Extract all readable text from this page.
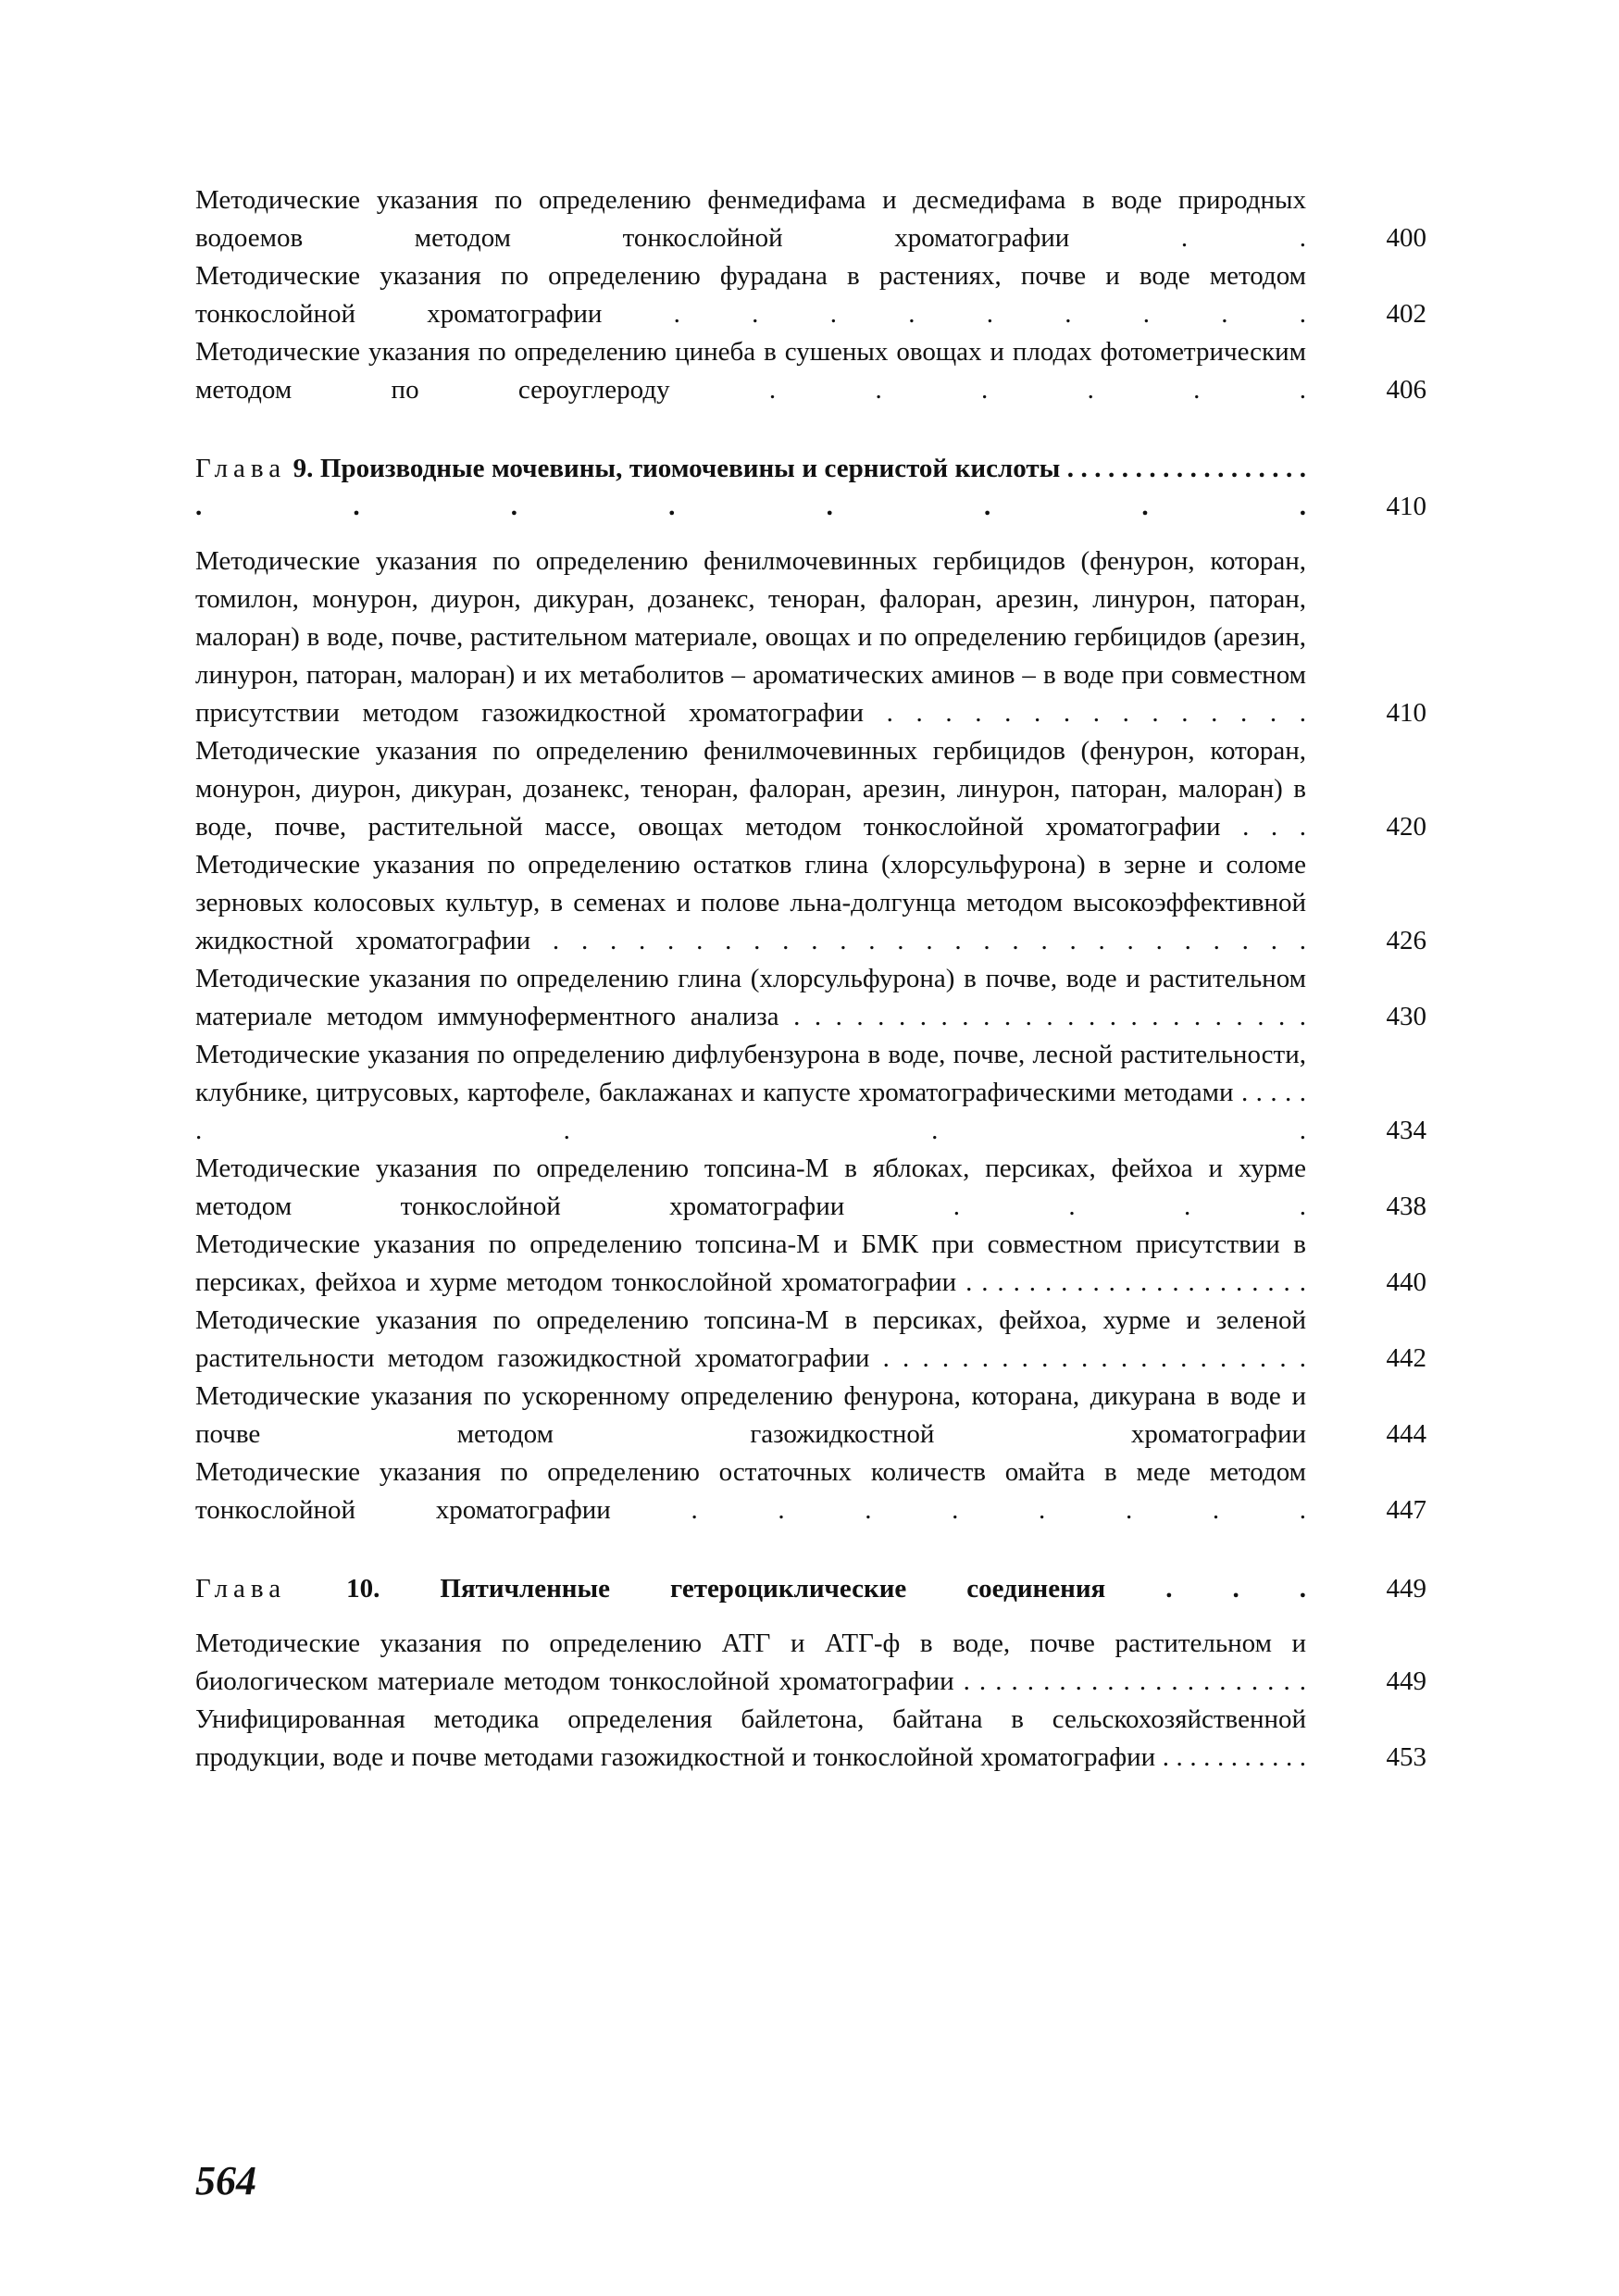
Методические указания по определению фенмедифама и десмедифама в воде природных водоемов методом тонкослойной хроматографии . .	400
Методические указания по определению фурадана в растениях, почве и воде методом тонкослойной хроматографии . . . . . . . . .	402
Методические указания по определению цинеба в сушеных овощах и плодах фотометрическим методом по сероуглероду . . . . . .	406
Глава 9. Производные мочевины, тиомочевины и сернистой кислоты . . . . . . . . . . . . . . . . . . . . . . . . . .	410
Методические указания по определению фенилмочевинных гербицидов (фенурон, которан, томилон, монурон, диурон, дикуран, дозанекс, теноран, фалоран, арезин, линурон, паторан, малоран) в воде, почве, растительном материале, овощах и по определению гербицидов (арезин, линурон, паторан, малоран) и их метаболитов – ароматических аминов – в воде при совместном присутствии методом газожидкостной хроматографии . . . . . . . . . . . . . . .	410
Методические указания по определению фенилмочевинных гербицидов (фенурон, которан, монурон, диурон, дикуран, дозанекс, теноран, фалоран, арезин, линурон, паторан, малоран) в воде, почве, растительной массе, овощах методом тонкослойной хроматографии . . .	420
Методические указания по определению остатков глина (хлорсульфурона) в зерне и соломе зерновых колосовых культур, в семенах и полове льна-долгунца методом высокоэффективной жидкостной хроматографии . . . . . . . . . . . . . . . . . . . . . . . . . . .	426
Методические указания по определению глина (хлорсульфурона) в почве, воде и растительном материале методом иммуноферментного анализа . . . . . . . . . . . . . . . . . . . . . . . . .	430
Методические указания по определению дифлубензурона в воде, почве, лесной растительности, клубнике, цитрусовых, картофеле, баклажанах и капусте хроматографическими методами . . . . . . . . .	434
Методические указания по определению топсина-М в яблоках, персиках, фейхоа и хурме методом тонкослойной хроматографии . . . .	438
Методические указания по определению топсина-М и БМК при совместном присутствии в персиках, фейхоа и хурме методом тонкослойной хроматографии . . . . . . . . . . . . . . . . . . . . . .	440
Методические указания по определению топсина-М в персиках, фейхоа, хурме и зеленой растительности методом газожидкостной хроматографии . . . . . . . . . . . . . . . . . . . . . .	442
Методические указания по ускоренному определению фенурона, которана, дикурана в воде и почве методом газожидкостной хроматографии	444
Методические указания по определению остаточных количеств омайта в меде методом тонкослойной хроматографии . . . . . . . .	447
Глава 10. Пятичленные гетероциклические соединения . . .	449
Методические указания по определению АТГ и АТГ-ф в воде, почве растительном и биологическом материале методом тонкослойной хроматографии . . . . . . . . . . . . . . . . . . . . . .	449
Унифицированная методика определения байлетона, байтана в сельскохозяйственной продукции, воде и почве методами газожидкостной и тонкослойной хроматографии . . . . . . . . . . .	453
564
